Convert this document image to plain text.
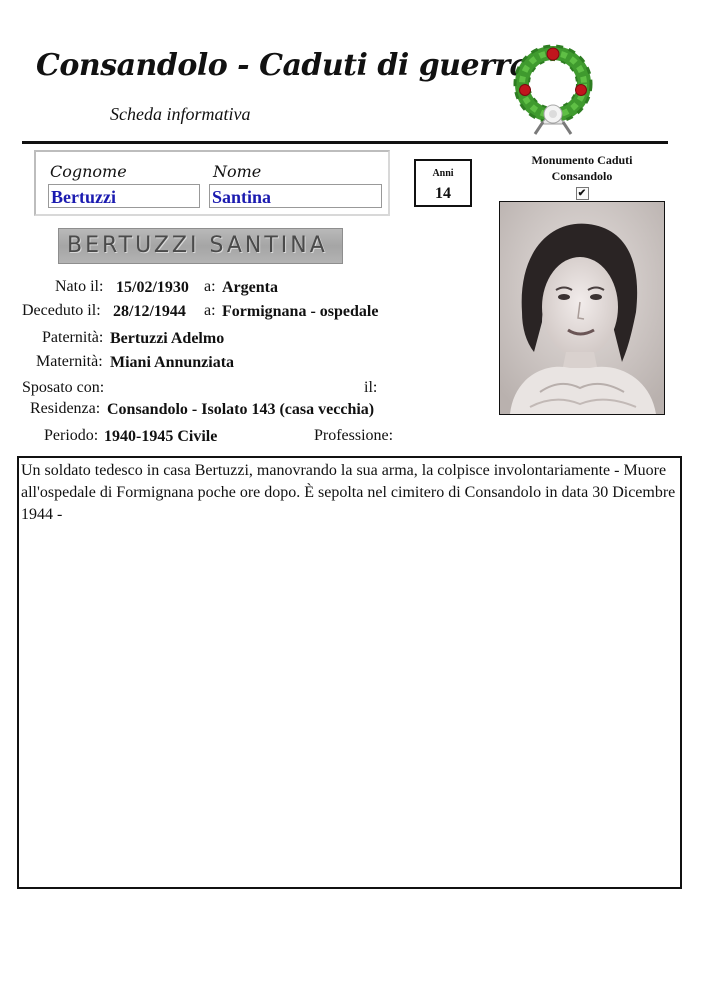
Consandolo - Caduti di guerra
Scheda informativa
Cognome	Nome
Bertuzzi	Santina
Anni
14
Monumento Caduti Consandolo
✔
BERTUZZI SANTINA
Nato il: 15/02/1930 a: Argenta
Deceduto il: 28/12/1944 a: Formignana - ospedale
Paternità: Bertuzzi Adelmo
Maternità: Miani Annunziata
Sposato con:	il:
Residenza: Consandolo - Isolato 143 (casa vecchia)
Periodo: 1940-1945 Civile	Professione:
Un soldato tedesco in casa Bertuzzi, manovrando la sua arma, la colpisce involontariamente - Muore all'ospedale di Formignana poche ore dopo. È sepolta nel cimitero di Consandolo in data 30 Dicembre 1944 -
